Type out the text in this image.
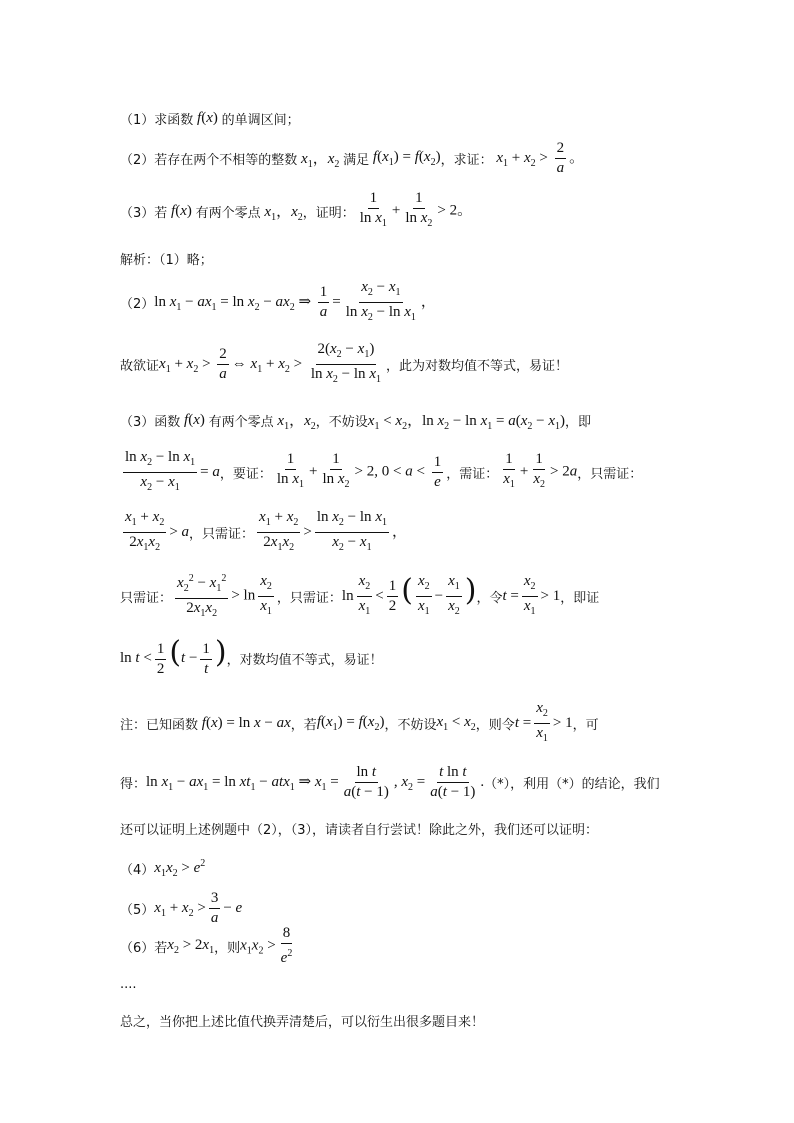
（1）求函数 f(x) 的单调区间；
（2）若存在两个不相等的整数 $x_1$，$x_2$ 满足 $f(x_1) = f(x_2)$ ，求证： $x_1 + x_2 > \frac{2}{a}$ 。
（3）若 f(x) 有两个零点 $x_1$，$x_2$ ，证明： $\frac{1}{\ln x_1} + \frac{1}{\ln x_2} > 2$。
解析：（1）略；
（2） $\ln x_1 - ax_1 = \ln x_2 - ax_2$ ⇒ $\frac{1}{a} = \frac{x_2 - x_1}{\ln x_2 - \ln x_1}$ ，
故欲证 $x_1 + x_2 > \frac{2}{a}$ ⇔ $x_1 + x_2 > \frac{2(x_2 - x_1)}{\ln x_2 - \ln x_1}$ ，此为对数均值不等式，易证！
（3）函数 f(x) 有两个零点 $x_1$，$x_2$ ，不妨设 $x_1 < x_2$，$\ln x_2 - \ln x_1 = a(x_2 - x_1)$ ，即
$\frac{\ln x_2 - \ln x_1}{x_2 - x_1} = a$ ，要证： $\frac{1}{\ln x_1} + \frac{1}{\ln x_2} > 2$, $0 < a < \frac{1}{e}$ ，需证： $\frac{1}{x_1} + \frac{1}{x_2} > 2a$ ，只需证：
$\frac{x_1 + x_2}{2x_1x_2} > a$ ，只需证： $\frac{x_1 + x_2}{2x_1x_2} > \frac{\ln x_2 - \ln x_1}{x_2 - x_1}$ ，
只需证： $\frac{x_2^2 - x_1^2}{2x_1x_2} > \ln \frac{x_2}{x_1}$ ，只需证： $\ln \frac{x_2}{x_1} < \frac{1}{2}$ ( $\frac{x_2}{x_1} - \frac{x_1}{x_2}$ ) ，令 $t = \frac{x_2}{x_1} > 1$ ，即证
$\ln t < \frac{1}{2} (t - \frac{1}{t}$ ) ，对数均值不等式，易证！
注：已知函数 f(x) = ln x − ax ，若 $f(x_1) = f(x_2)$ ，不妨设 $x_1 < x_2$ ，则令 $t = \frac{x_2}{x_1} > 1$ ，可
得： $\ln x_1 - ax_1 = \ln xt_1 - atx_1$ ⇒ $x_1 = \frac{\text{ln t}}{a(t - 1)}$ , $x_2 = \frac{\text{t ln t}}{a(t - 1)}$ . （*），利用（*）的结论，我们
还可以证明上述例题中（2），（3），请读者自行尝试！除此之外，我们还可以证明：
（4） $x_1x_2 > e^2$
（5） $x_1 + x_2 > \frac{3}{a} - e$
（6）若 $x_2 > 2x_1$ ，则 $x_1x_2 > \frac{8}{e^2}$
····
总之，当你把上述比值代换弄清楚后，可以衍生出很多题目来！
